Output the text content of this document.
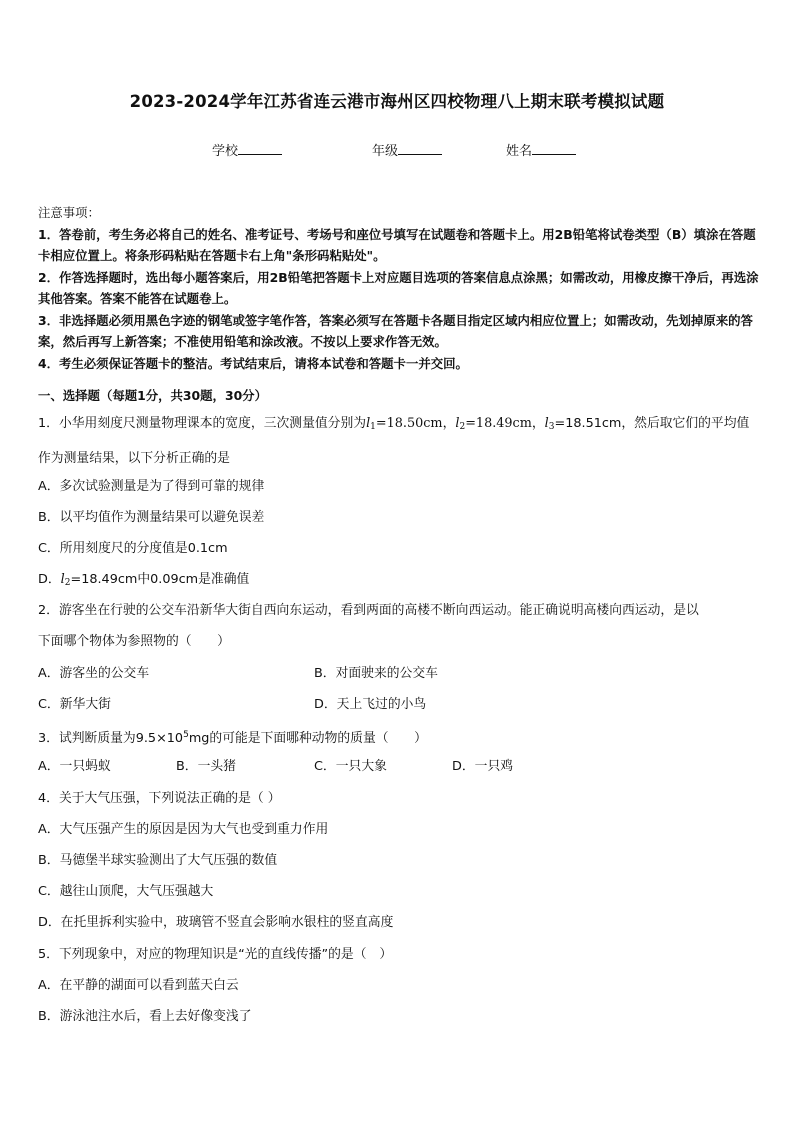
2023-2024学年江苏省连云港市海州区四校物理八上期末联考模拟试题
学校	年级	姓名
注意事项：
1．答卷前，考生务必将自己的姓名、准考证号、考场号和座位号填写在试题卷和答题卡上。用2B铅笔将试卷类型（B）填涂在答题卡相应位置上。将条形码粘贴在答题卡右上角"条形码粘贴处"。
2．作答选择题时，选出每小题答案后，用2B铅笔把答题卡上对应题目选项的答案信息点涂黑；如需改动，用橡皮擦干净后，再选涂其他答案。答案不能答在试题卷上。
3．非选择题必须用黑色字迹的钢笔或签字笔作答，答案必须写在答题卡各题目指定区域内相应位置上；如需改动，先划掉原来的答案，然后再写上新答案；不准使用铅笔和涂改液。不按以上要求作答无效。
4．考生必须保证答题卡的整洁。考试结束后，请将本试卷和答题卡一并交回。
一、选择题（每题1分，共30题，30分）
1．小华用刻度尺测量物理课本的宽度，三次测量值分别为$l_1=18.50cm$，$l_2=18.49cm$，$l_3=18.51cm$，然后取它们的平均值
作为测量结果，以下分析正确的是
A．多次试验测量是为了得到可靠的规律
B．以平均值作为测量结果可以避免误差
C．所用刻度尺的分度值是0.1cm
D．$l_2=18.49cm$中0.09cm是准确值
2．游客坐在行驶的公交车沿新华大街自西向东运动，看到两面的高楼不断向西运动。能正确说明高楼向西运动，是以
下面哪个物体为参照物的（　　）
A．游客坐的公交车	B．对面驶来的公交车
C．新华大街	D．天上飞过的小鸟
3．试判断质量为$9.5\times 10^5mg$的可能是下面哪种动物的质量（　　）
A．一只蚂蚁	B．一头猪	C．一只大象	D．一只鸡
4．关于大气压强，下列说法正确的是（ ）
A．大气压强产生的原因是因为大气也受到重力作用
B．马德堡半球实验测出了大气压强的数值
C．越往山顶爬，大气压强越大
D．在托里拆利实验中，玻璃管不竖直会影响水银柱的竖直高度
5．下列现象中，对应的物理知识是“光的直线传播”的是（　）
A．在平静的湖面可以看到蓝天白云
B．游泳池注水后，看上去好像变浅了
